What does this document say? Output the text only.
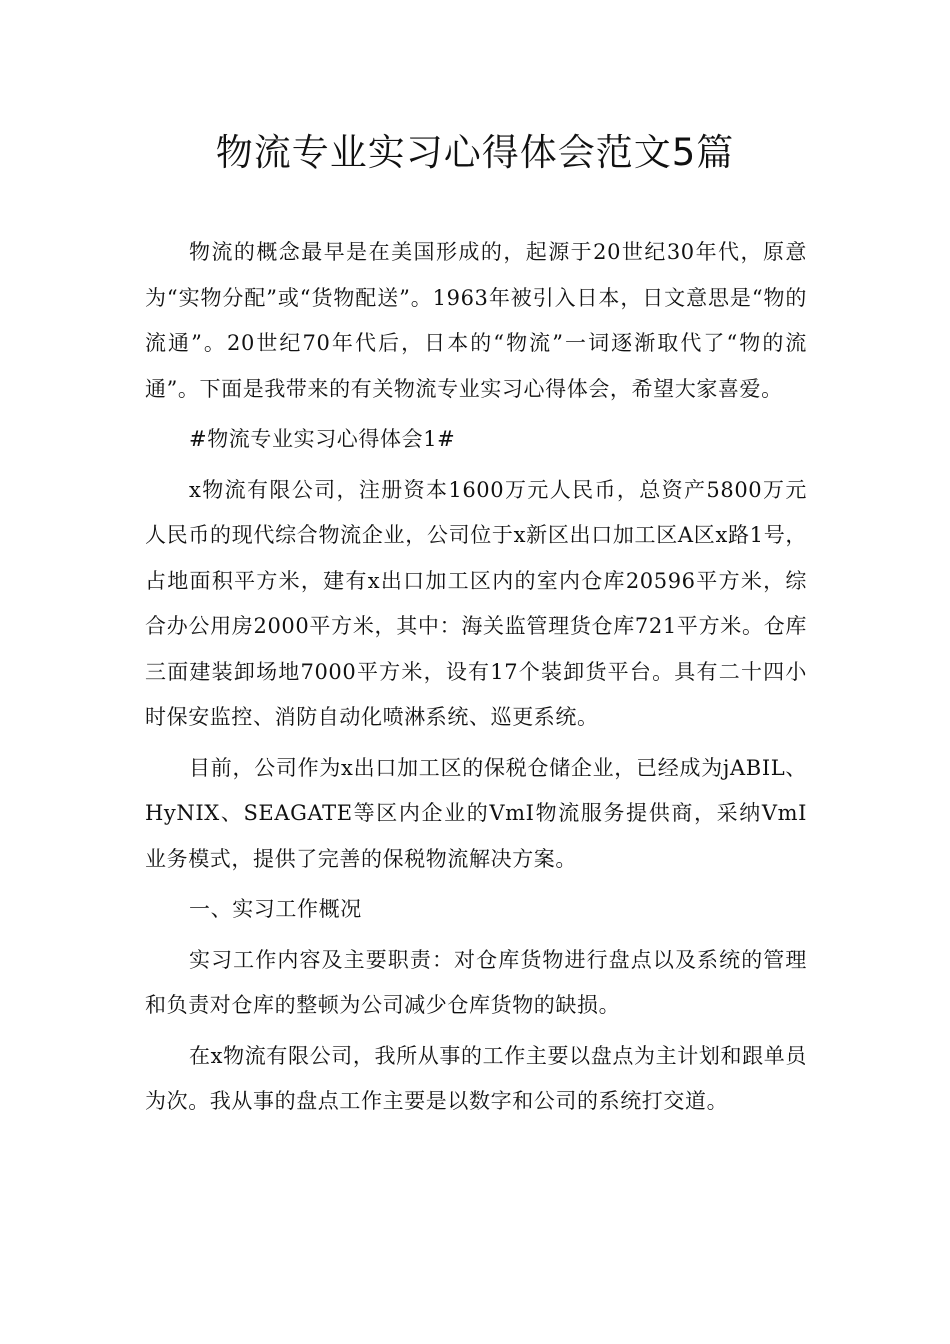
物流专业实习心得体会范文5篇

物流的概念最早是在美国形成的，起源于20世纪30年代，原意为“实物分配”或“货物配送”。1963年被引入日本，日文意思是“物的流通”。20世纪70年代后，日本的“物流”一词逐渐取代了“物的流通”。下面是我带来的有关物流专业实习心得体会，希望大家喜爱。

#物流专业实习心得体会1#

x物流有限公司，注册资本1600万元人民币，总资产5800万元人民币的现代综合物流企业，公司位于x新区出口加工区A区x路1号，占地面积平方米，建有x出口加工区内的室内仓库20596平方米，综合办公用房2000平方米，其中：海关监管理货仓库721平方米。仓库三面建装卸场地7000平方米，设有17个装卸货平台。具有二十四小时保安监控、消防自动化喷淋系统、巡更系统。

目前，公司作为x出口加工区的保税仓储企业，已经成为jABIL、HyNIX、SEAGATE等区内企业的VmI物流服务提供商，采纳VmI业务模式，提供了完善的保税物流解决方案。

一、实习工作概况

实习工作内容及主要职责：对仓库货物进行盘点以及系统的管理和负责对仓库的整顿为公司减少仓库货物的缺损。

在x物流有限公司，我所从事的工作主要以盘点为主计划和跟单员为次。我从事的盘点工作主要是以数字和公司的系统打交道。
